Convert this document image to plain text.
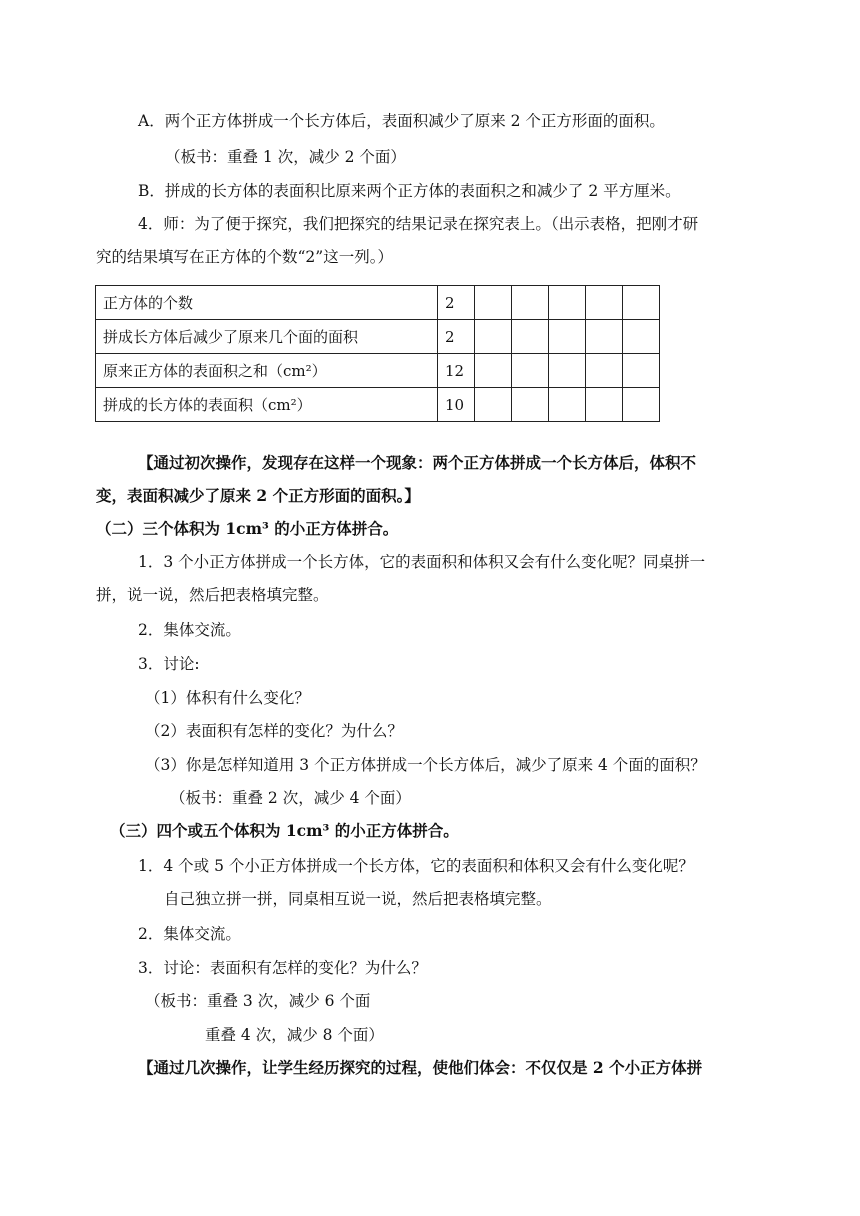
A．两个正方体拼成一个长方体后，表面积减少了原来 2 个正方形面的面积。
（板书：重叠 1 次，减少 2 个面）
B．拼成的长方体的表面积比原来两个正方体的表面积之和减少了 2 平方厘米。
4．师：为了便于探究，我们把探究的结果记录在探究表上。（出示表格，把刚才研
究的结果填写在正方体的个数“2”这一列。）
正方体的个数	2					
拼成长方体后减少了原来几个面的面积	2					
原来正方体的表面积之和（cm²）	12					
拼成的长方体的表面积（cm²）	10					
【通过初次操作，发现存在这样一个现象：两个正方体拼成一个长方体后，体积不
变，表面积减少了原来 2 个正方形面的面积。】
（二）三个体积为 1cm³ 的小正方体拼合。
1．3 个小正方体拼成一个长方体，它的表面积和体积又会有什么变化呢？同桌拼一
拼，说一说，然后把表格填完整。
2．集体交流。
3．讨论:
（1）体积有什么变化？
（2）表面积有怎样的变化？为什么？
（3）你是怎样知道用 3 个正方体拼成一个长方体后，减少了原来 4 个面的面积？
（板书：重叠 2 次，减少 4 个面）
（三）四个或五个体积为 1cm³ 的小正方体拼合。
1．4 个或 5 个小正方体拼成一个长方体，它的表面积和体积又会有什么变化呢？
自己独立拼一拼，同桌相互说一说，然后把表格填完整。
2．集体交流。
3．讨论：表面积有怎样的变化？为什么？
（板书：重叠 3 次，减少 6 个面
重叠 4 次，减少 8 个面）
【通过几次操作，让学生经历探究的过程，使他们体会：不仅仅是 2 个小正方体拼
